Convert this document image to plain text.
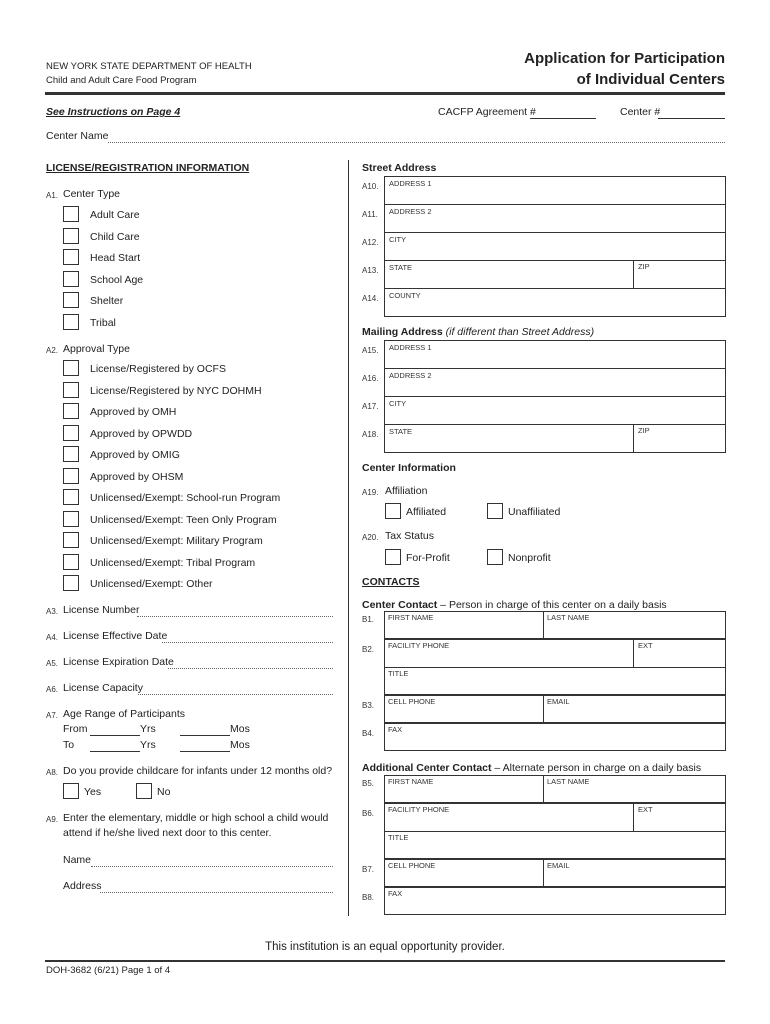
NEW YORK STATE DEPARTMENT OF HEALTH
Child and Adult Care Food Program
Application for Participation
of Individual Centers
See Instructions on Page 4	CACFP Agreement #	Center #
Center Name
LICENSE/REGISTRATION INFORMATION
A1. Center Type
Adult Care
Child Care
Head Start
School Age
Shelter
Tribal
A2. Approval Type
License/Registered by OCFS
License/Registered by NYC DOHMH
Approved by OMH
Approved by OPWDD
Approved by OMIG
Approved by OHSM
Unlicensed/Exempt: School-run Program
Unlicensed/Exempt: Teen Only Program
Unlicensed/Exempt: Military Program
Unlicensed/Exempt: Tribal Program
Unlicensed/Exempt: Other
A3. License Number
A4. License Effective Date
A5. License Expiration Date
A6. License Capacity
A7. Age Range of Participants
From	Yrs	Mos
To	Yrs	Mos
A8. Do you provide childcare for infants under 12 months old?
Yes	No
A9. Enter the elementary, middle or high school a child would
attend if he/she lived next door to this center.
Name
Address
Street Address
A10. ADDRESS 1
A11. ADDRESS 2
A12. CITY
A13. STATE	ZIP
A14. COUNTY
Mailing Address (if different than Street Address)
A15. ADDRESS 1
A16. ADDRESS 2
A17. CITY
A18. STATE	ZIP
Center Information
A19. Affiliation
Affiliated	Unaffiliated
A20. Tax Status
For-Profit	Nonprofit
CONTACTS
Center Contact – Person in charge of this center on a daily basis
FIRST NAME	LAST NAME
B1.
FACILITY PHONE	EXT
TITLE
B2.
CELL PHONE	EMAIL
B3.
FAX
B4.
Additional Center Contact – Alternate person in charge on a daily basis
FIRST NAME	LAST NAME
B5.
FACILITY PHONE	EXT
TITLE
B6.
CELL PHONE	EMAIL
B7.
FAX
B8.
This institution is an equal opportunity provider.
DOH-3682 (6/21) Page 1 of 4
